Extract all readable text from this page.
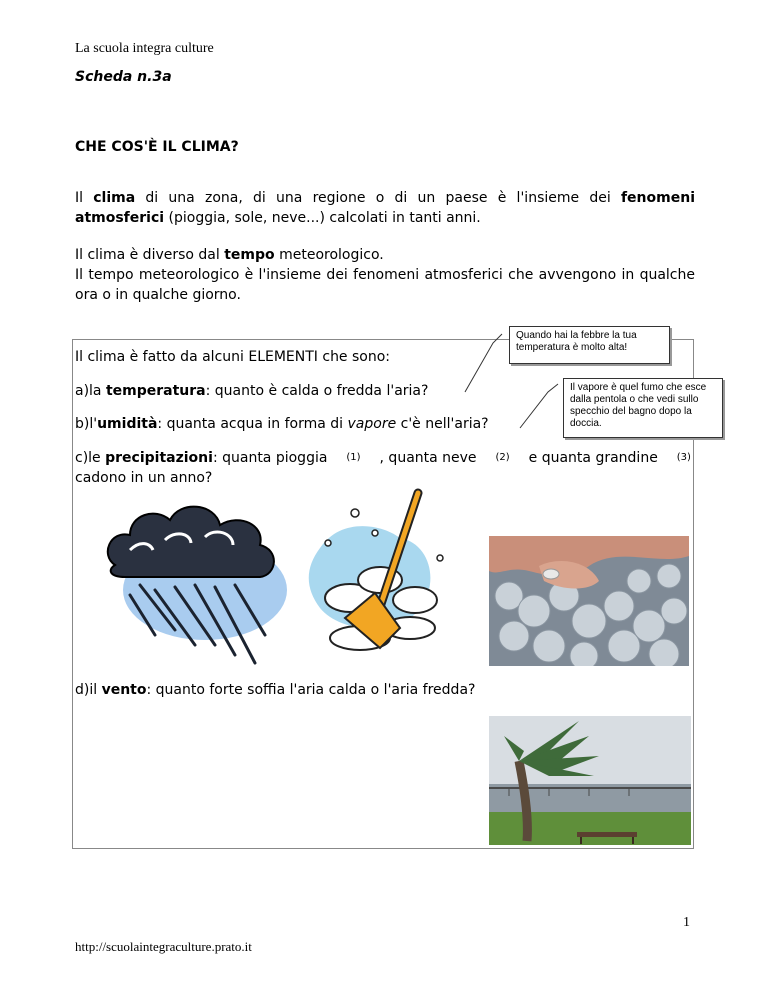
La scuola integra culture
Scheda n.3a
CHE COS'È IL CLIMA?
Il clima di una zona, di una regione o di un paese è l'insieme dei fenomeni atmosferici (pioggia, sole, neve...) calcolati in tanti anni.
Il clima è diverso dal tempo meteorologico.

Il tempo meteorologico è l'insieme dei fenomeni atmosferici che avvengono in qualche ora o in qualche giorno.
Il clima è fatto da alcuni ELEMENTI che sono:
a)la temperatura: quanto è calda o fredda l'aria?
b)l'umidità: quanta acqua in forma di vapore c'è nell'aria?
c)le precipitazioni: quanta pioggia (1) , quanta neve (2) e quanta grandine (3)
cadono in un anno?
d)il vento: quanto forte soffia l'aria calda o l'aria fredda?
Quando hai la febbre la tua temperatura è molto alta!
Il vapore è quel fumo che esce dalla pentola o che vedi sullo specchio del bagno dopo la doccia.
1
http://scuolaintegraculture.prato.it
